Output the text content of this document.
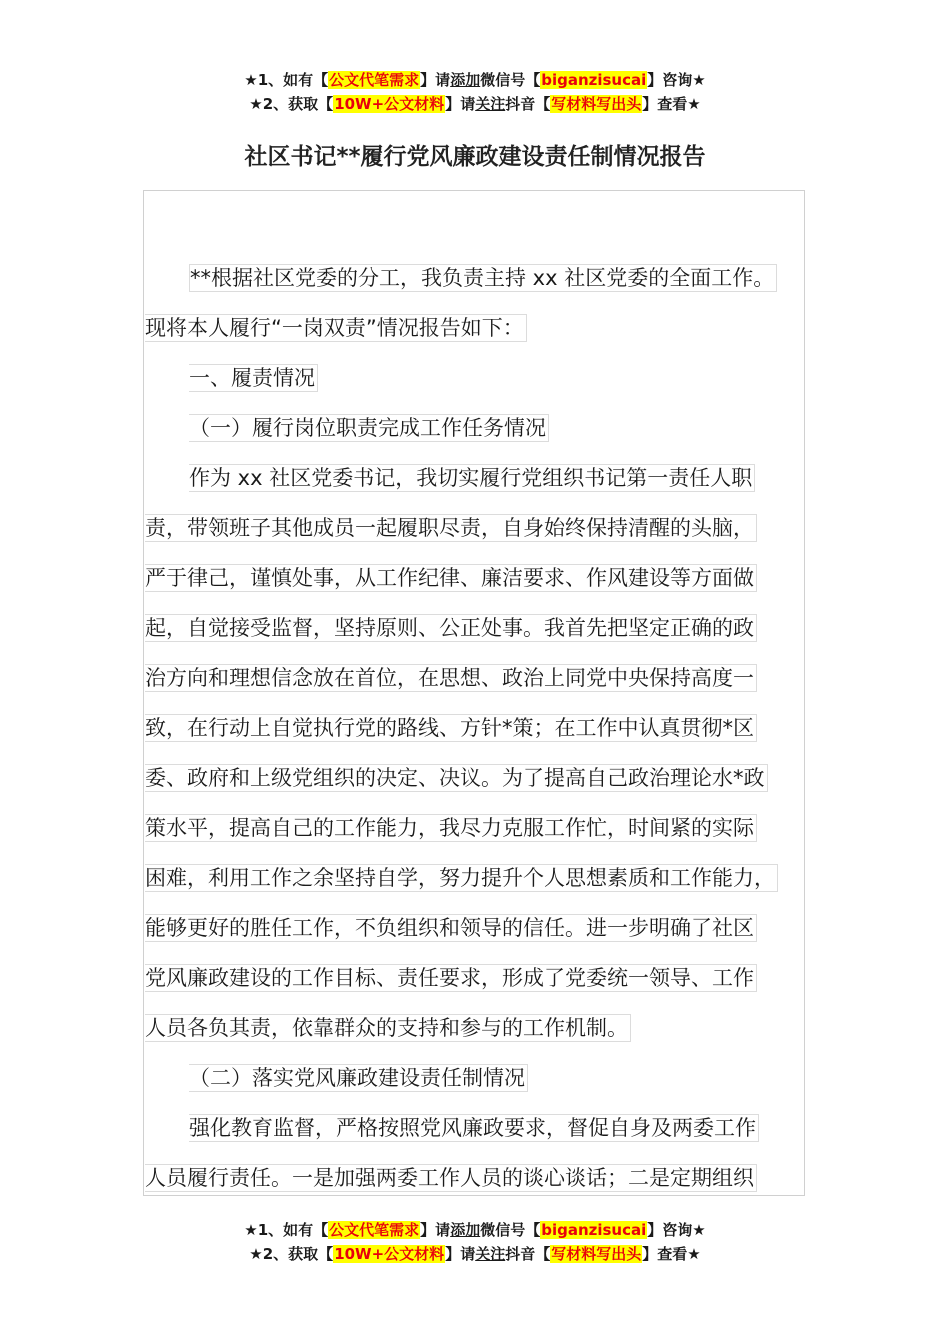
★1、如有【公文代笔需求】请添加微信号【biganzisucai】咨询★
★2、获取【10W+公文材料】请关注抖音【写材料写出头】查看★
社区书记**履行党风廉政建设责任制情况报告
**根据社区党委的分工，我负责主持 xx 社区党委的全面工作。
现将本人履行“一岗双责”情况报告如下：
一、履责情况
（一）履行岗位职责完成工作任务情况
作为 xx 社区党委书记，我切实履行党组织书记第一责任人职
责，带领班子其他成员一起履职尽责，自身始终保持清醒的头脑，
严于律己，谨慎处事，从工作纪律、廉洁要求、作风建设等方面做
起，自觉接受监督，坚持原则、公正处事。我首先把坚定正确的政
治方向和理想信念放在首位，在思想、政治上同党中央保持高度一
致，在行动上自觉执行党的路线、方针*策；在工作中认真贯彻*区
委、政府和上级党组织的决定、决议。为了提高自己政治理论水*政
策水平，提高自己的工作能力，我尽力克服工作忙，时间紧的实际
困难，利用工作之余坚持自学，努力提升个人思想素质和工作能力，
能够更好的胜任工作，不负组织和领导的信任。进一步明确了社区
党风廉政建设的工作目标、责任要求，形成了党委统一领导、工作
人员各负其责，依靠群众的支持和参与的工作机制。
（二）落实党风廉政建设责任制情况
强化教育监督，严格按照党风廉政要求，督促自身及两委工作
人员履行责任。一是加强两委工作人员的谈心谈话；二是定期组织
★1、如有【公文代笔需求】请添加微信号【biganzisucai】咨询★
★2、获取【10W+公文材料】请关注抖音【写材料写出头】查看★
